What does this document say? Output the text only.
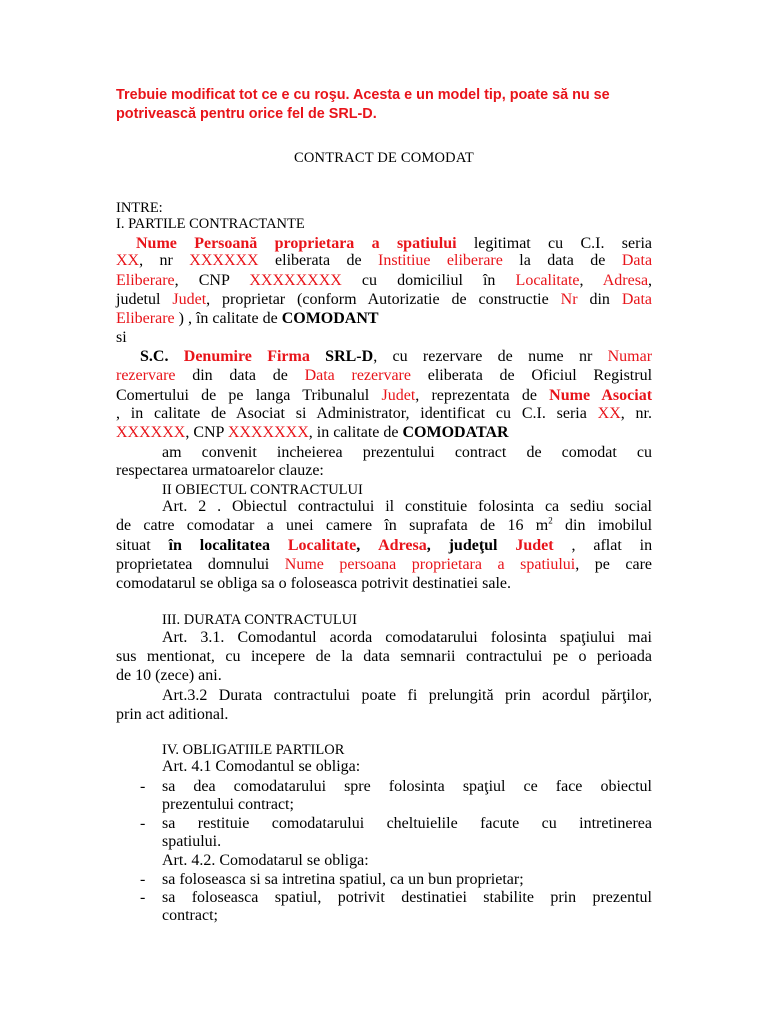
Trebuie modificat tot ce e cu roşu. Acesta e un model tip, poate să nu se potrivească pentru orice fel de SRL-D.
CONTRACT DE COMODAT
INTRE:
I. PARTILE CONTRACTANTE
Nume Persoană proprietara a spatiului legitimat cu C.I. seria
XX, nr XXXXXX eliberata de Institiue eliberare la data de Data
Eliberare, CNP XXXXXXXX cu domiciliul în Localitate, Adresa,
judetul Judet, proprietar (conform Autorizatie de constructie Nr din Data
Eliberare ) , în calitate de COMODANT
si
S.C. Denumire Firma SRL-D, cu rezervare de nume nr Numar
rezervare din data de Data rezervare eliberata de Oficiul Registrul
Comertului de pe langa Tribunalul Judet, reprezentata de Nume Asociat
, in calitate de Asociat si Administrator, identificat cu C.I. seria XX, nr.
XXXXXX, CNP XXXXXXX, in calitate de COMODATAR
am convenit incheierea prezentului contract de comodat cu
respectarea urmatoarelor clauze:
II OBIECTUL CONTRACTULUI
Art. 2 . Obiectul contractului il constituie folosinta ca sediu social
de catre comodatar a unei camere în suprafata de 16 $m^2$ din imobilul
situat în localitatea Localitate, Adresa, judeţul Judet , aflat in
proprietatea domnului Nume persoana proprietara a spatiului, pe care
comodatarul se obliga sa o foloseasca potrivit destinatiei sale.
III. DURATA CONTRACTULUI
Art. 3.1. Comodantul acorda comodatarului folosinta spaţiului mai
sus mentionat, cu incepere de la data semnarii contractului pe o perioada
de 10 (zece) ani.
Art.3.2 Durata contractului poate fi prelungită prin acordul părţilor,
prin act aditional.
IV. OBLIGATIILE PARTILOR
Art. 4.1 Comodantul se obliga:
- sa dea comodatarului spre folosinta spaţiul ce face obiectul
prezentului contract;
- sa restituie comodatarului cheltuielile facute cu intretinerea
spatiului.
Art. 4.2. Comodatarul se obliga:
- sa foloseasca si sa intretina spatiul, ca un bun proprietar;
- sa foloseasca spatiul, potrivit destinatiei stabilite prin prezentul
contract;
